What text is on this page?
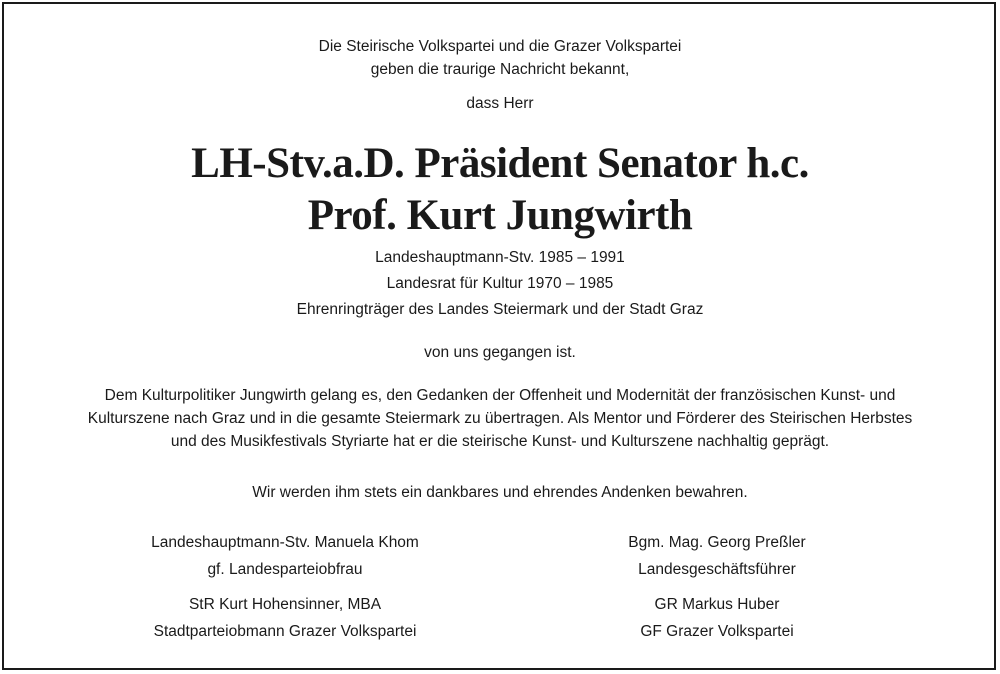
Die Steirische Volkspartei und die Grazer Volkspartei
geben die traurige Nachricht bekannt,
dass Herr
LH-Stv.a.D. Präsident Senator h.c.
Prof. Kurt Jungwirth
Landeshauptmann-Stv. 1985 – 1991
Landesrat für Kultur 1970 – 1985
Ehrenringträger des Landes Steiermark und der Stadt Graz
von uns gegangen ist.
Dem Kulturpolitiker Jungwirth gelang es, den Gedanken der Offenheit und Modernität der französischen Kunst- und
Kulturszene nach Graz und in die gesamte Steiermark zu übertragen. Als Mentor und Förderer des Steirischen Herbstes
und des Musikfestivals Styriarte hat er die steirische Kunst- und Kulturszene nachhaltig geprägt.
Wir werden ihm stets ein dankbares und ehrendes Andenken bewahren.
Landeshauptmann-Stv. Manuela Khom
gf. Landesparteiobfrau
StR Kurt Hohensinner, MBA
Stadtparteiobmann Grazer Volkspartei
Bgm. Mag. Georg Preßler
Landesgeschäftsführer
GR Markus Huber
GF Grazer Volkspartei
